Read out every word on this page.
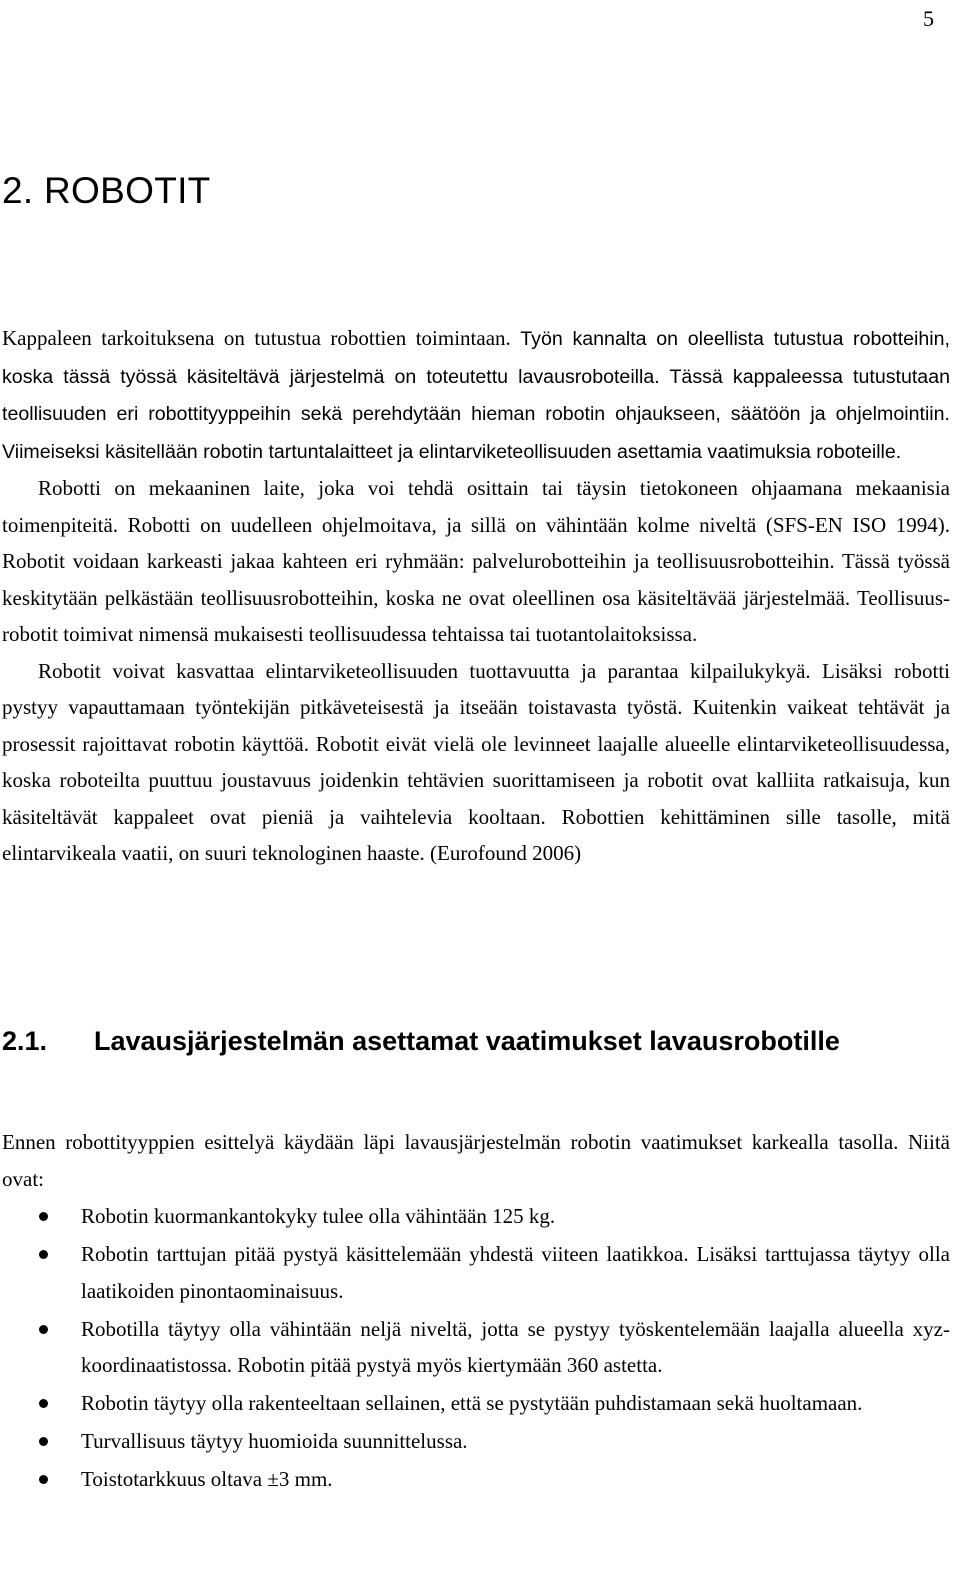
5
2. ROBOTIT

Kappaleen tarkoituksena on tutustua robottien toimintaan. Työn kannalta on oleellista tutustua robotteihin, koska tässä työssä käsiteltävä järjestelmä on toteutettu lavausroboteilla. Tässä kappaleessa tutustutaan teollisuuden eri robottityyppeihin sekä perehdytään hieman robotin ohjaukseen, säätöön ja ohjelmointiin. Viimeiseksi käsitellään robotin tartuntalaitteet ja elintarviketeollisuuden asettamia vaatimuksia roboteille.

Robotti on mekaaninen laite, joka voi tehdä osittain tai täysin tietokoneen ohjaamana mekaanisia toimenpiteitä. Robotti on uudelleen ohjelmoitava, ja sillä on vähintään kolme niveltä (SFS-EN ISO 1994). Robotit voidaan karkeasti jakaa kahteen eri ryhmään: palvelurobotteihin ja teollisuusrobotteihin. Tässä työssä keskitytään pelkästään teollisuusrobotteihin, koska ne ovat oleellinen osa käsiteltävää järjestelmää. Teollisuusrobotit toimivat nimensä mukaisesti teollisuudessa tehtaissa tai tuotantolaitoksissa.

Robotit voivat kasvattaa elintarviketeollisuuden tuottavuutta ja parantaa kilpailukykyä. Lisäksi robotti pystyy vapauttamaan työntekijän pitkäveteisestä ja itseään toistavasta työstä. Kuitenkin vaikeat tehtävät ja prosessit rajoittavat robotin käyttöä. Robotit eivät vielä ole levinneet laajalle alueelle elintarviketeollisuudessa, koska roboteilta puuttuu joustavuus joidenkin tehtävien suorittamiseen ja robotit ovat kalliita ratkaisuja, kun käsiteltävät kappaleet ovat pieniä ja vaihtelevia kooltaan. Robottien kehittäminen sille tasolle, mitä elintarvikeala vaatii, on suuri teknologinen haaste. (Eurofound 2006)

2.1. Lavausjärjestelmän asettamat vaatimukset lavausrobotille

Ennen robottityyppien esittelyä käydään läpi lavausjärjestelmän robotin vaatimukset karkealla tasolla. Niitä ovat:

Robotin kuormankantokyky tulee olla vähintään 125 kg.
Robotin tarttujan pitää pystyä käsittelemään yhdestä viiteen laatikkoa. Lisäksi tarttujassa täytyy olla laatikoiden pinontaominaisuus.
Robotilla täytyy olla vähintään neljä niveltä, jotta se pystyy työskentelemään laajalla alueella xyz-koordinaatistossa. Robotin pitää pystyä myös kiertymään 360 astetta.
Robotin täytyy olla rakenteeltaan sellainen, että se pystytään puhdistamaan sekä huoltamaan.
Turvallisuus täytyy huomioida suunnittelussa.
Toistotarkkuus oltava ±3 mm.
